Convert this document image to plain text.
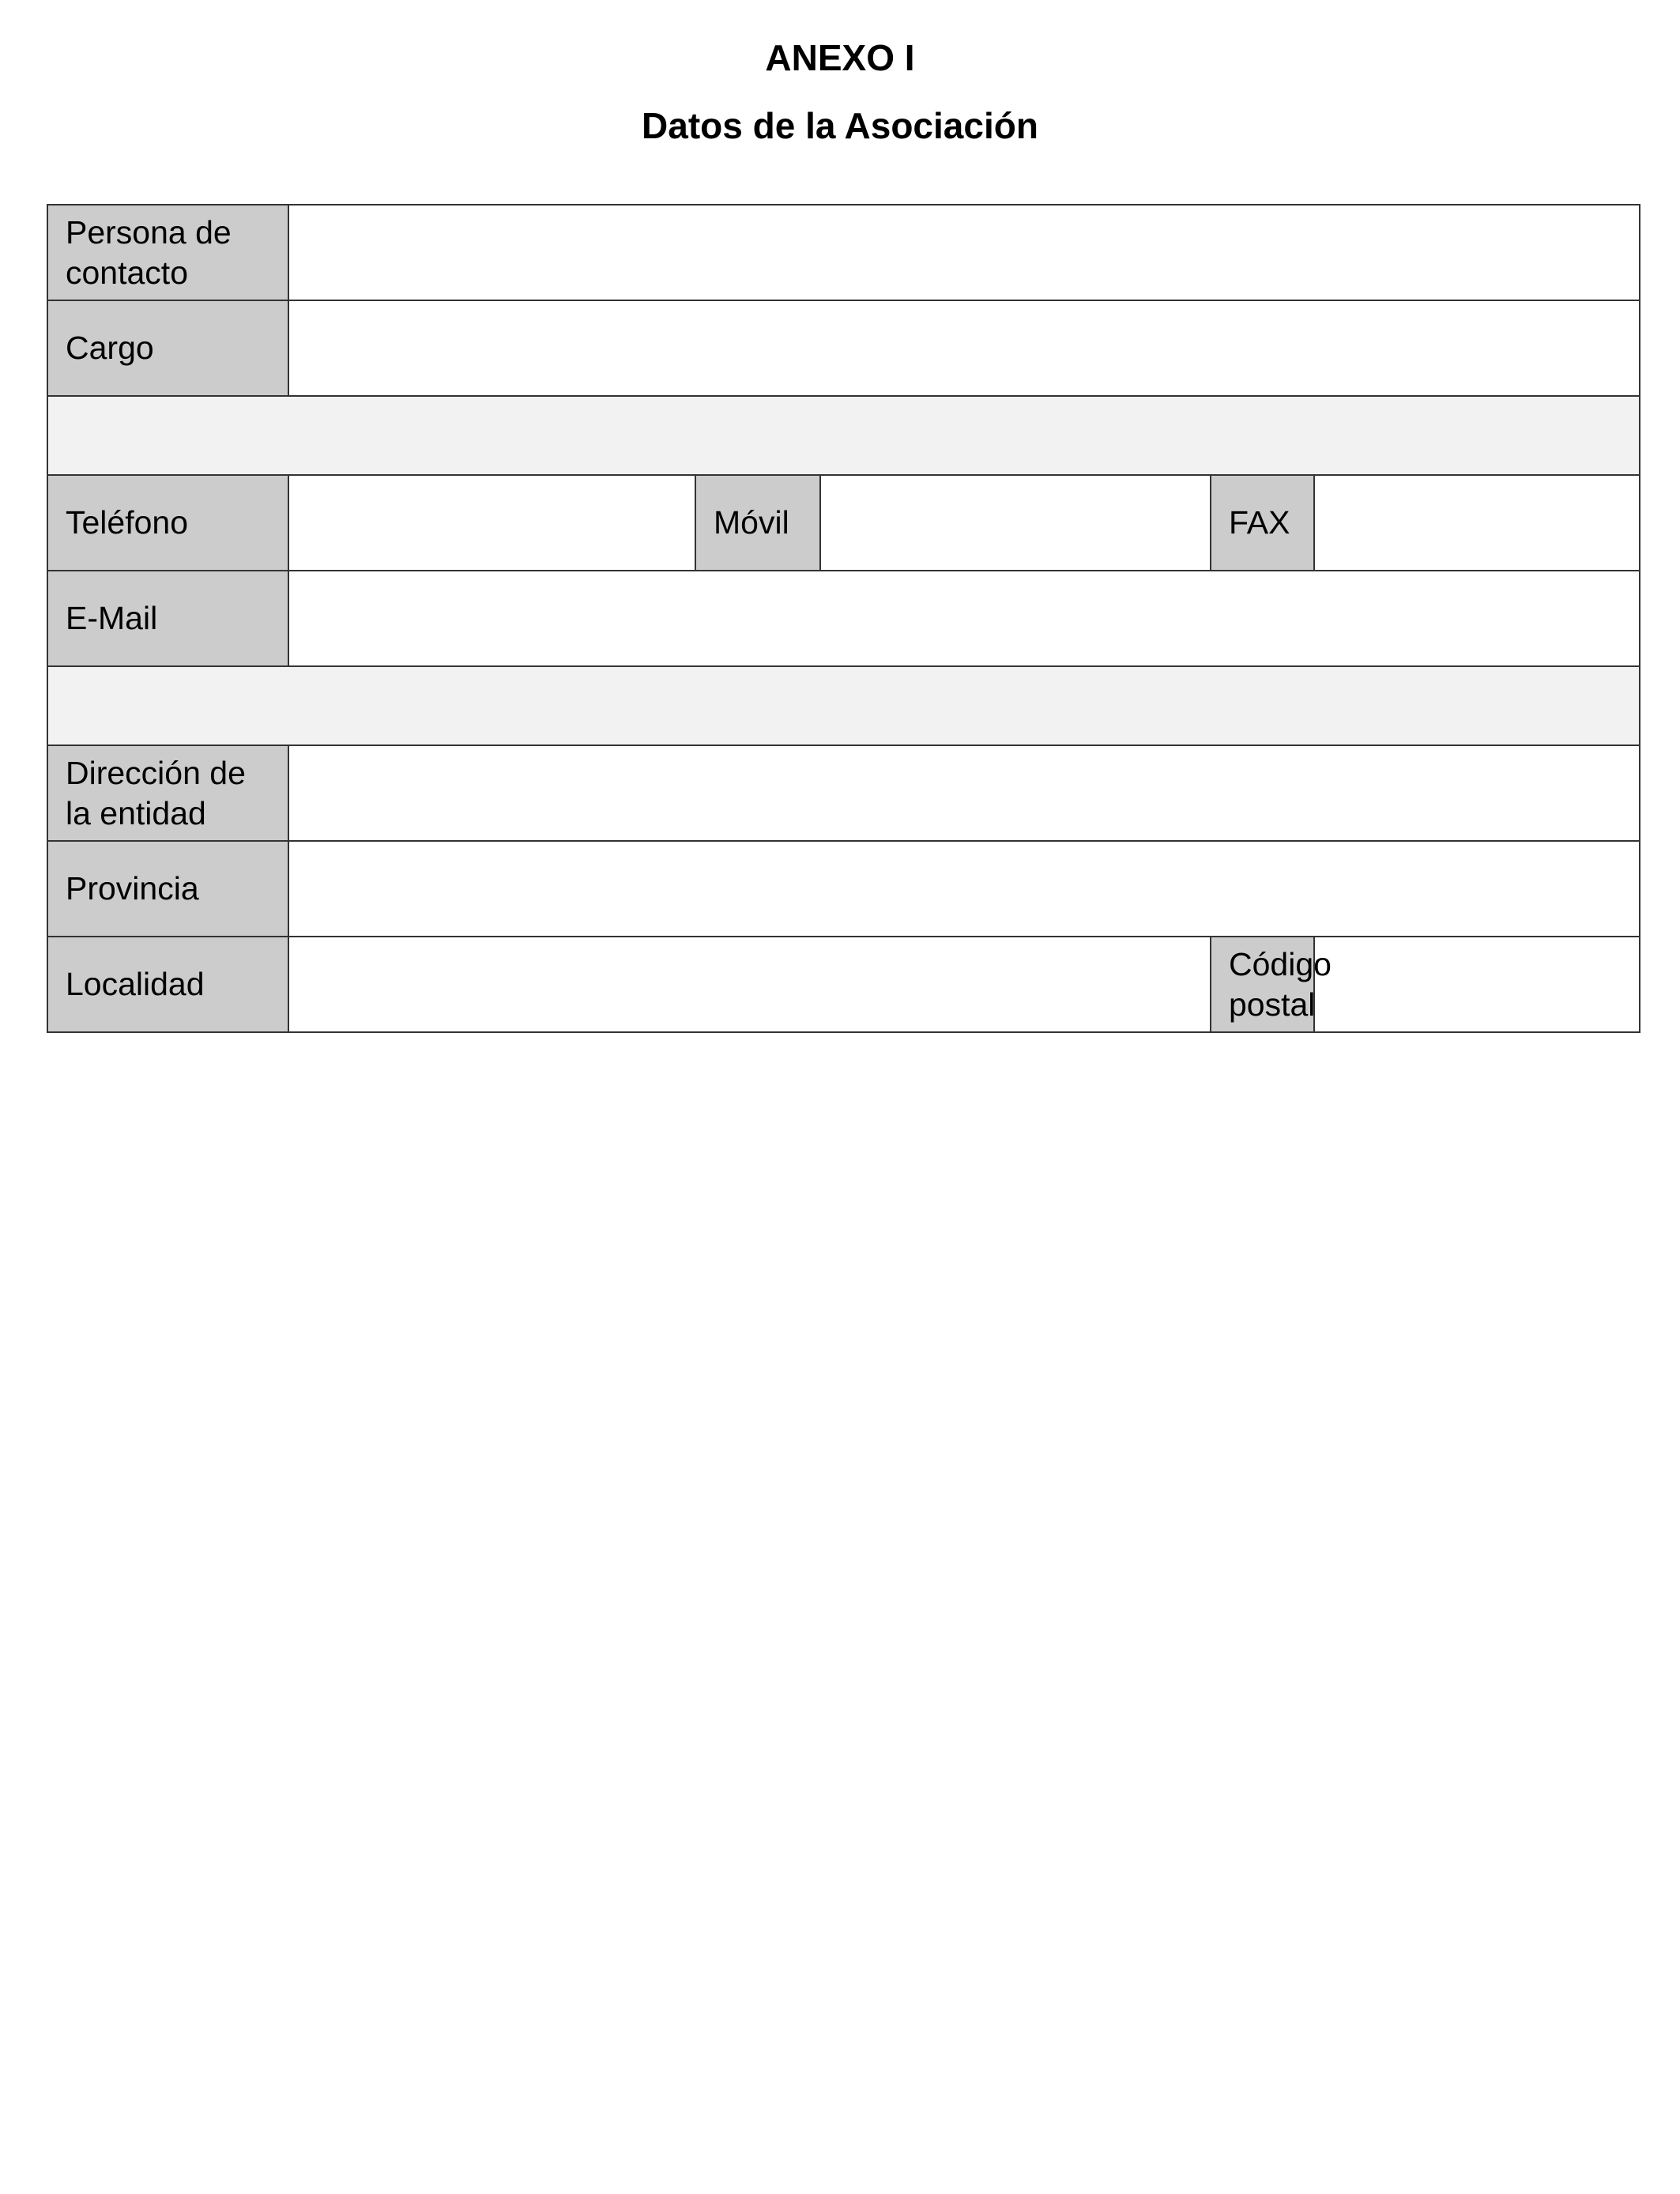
ANEXO I
Datos de la Asociación
Persona de
contacto					
Cargo					

Teléfono		Móvil		FAX	
E-Mail					

Dirección de
la entidad					
Provincia					
Localidad				Código
postal	
